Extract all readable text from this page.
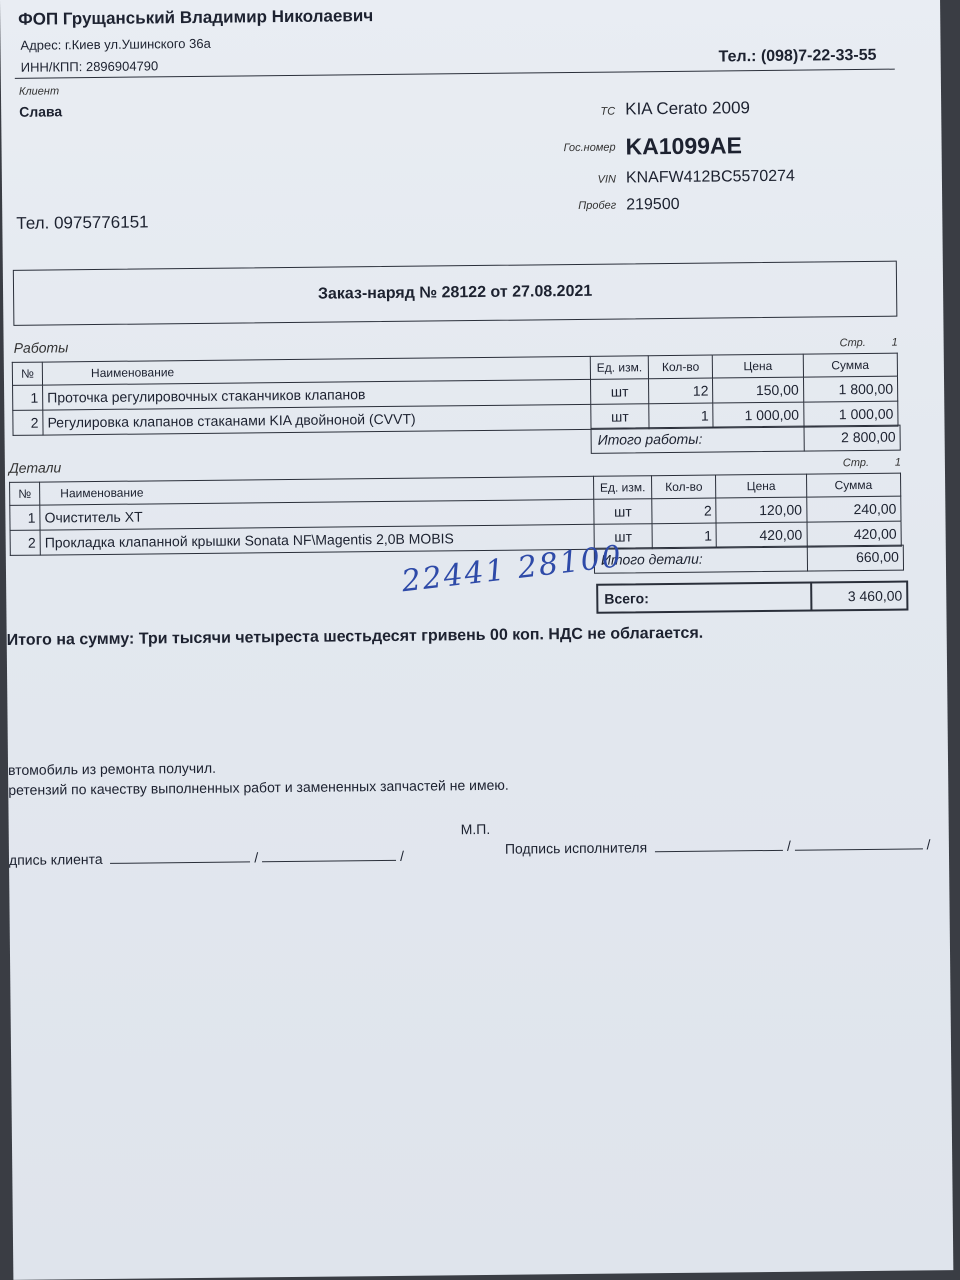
ФОП Грущанський Владимир Николаевич
Адрес: г.Киев ул.Ушинского 36а
ИНН/КПП: 2896904790
Тел.: (098)7-22-33-55
Клиент
Слава
Тел. 0975776151
ТС KIA Cerato 2009
Гос.номер KA1099AE
VIN KNAFW412BC5570274
Пробег 219500
Заказ-наряд № 28122 от 27.08.2021
Работы	Стр. 1
№	Наименование	Ед. изм.	Кол-во	Цена	Сумма
1	Проточка регулировочных стаканчиков клапанов	шт	12	150,00	1 800,00
2	Регулировка клапанов стаканами KIA двойноной (CVVT)	шт	1	1 000,00	1 000,00
Итого работы:	2 800,00
Детали	Стр. 1
№	Наименование	Ед. изм.	Кол-во	Цена	Сумма
1	Очиститель XT	шт	2	120,00	240,00
2	Прокладка клапанной крышки Sonata NF\Magentis 2,0B MOBIS	шт	1	420,00	420,00
Итого детали:	660,00
Всего:	3 460,00
22441 28100
Итого на сумму: Три тысячи четыреста шестьдесят гривень 00 коп. НДС не облагается.
втомобиль из ремонта получил.
ретензий по качеству выполненных работ и замененных запчастей не имею.
М.П.
дпись клиента	/	/	Подпись исполнителя	/	/
